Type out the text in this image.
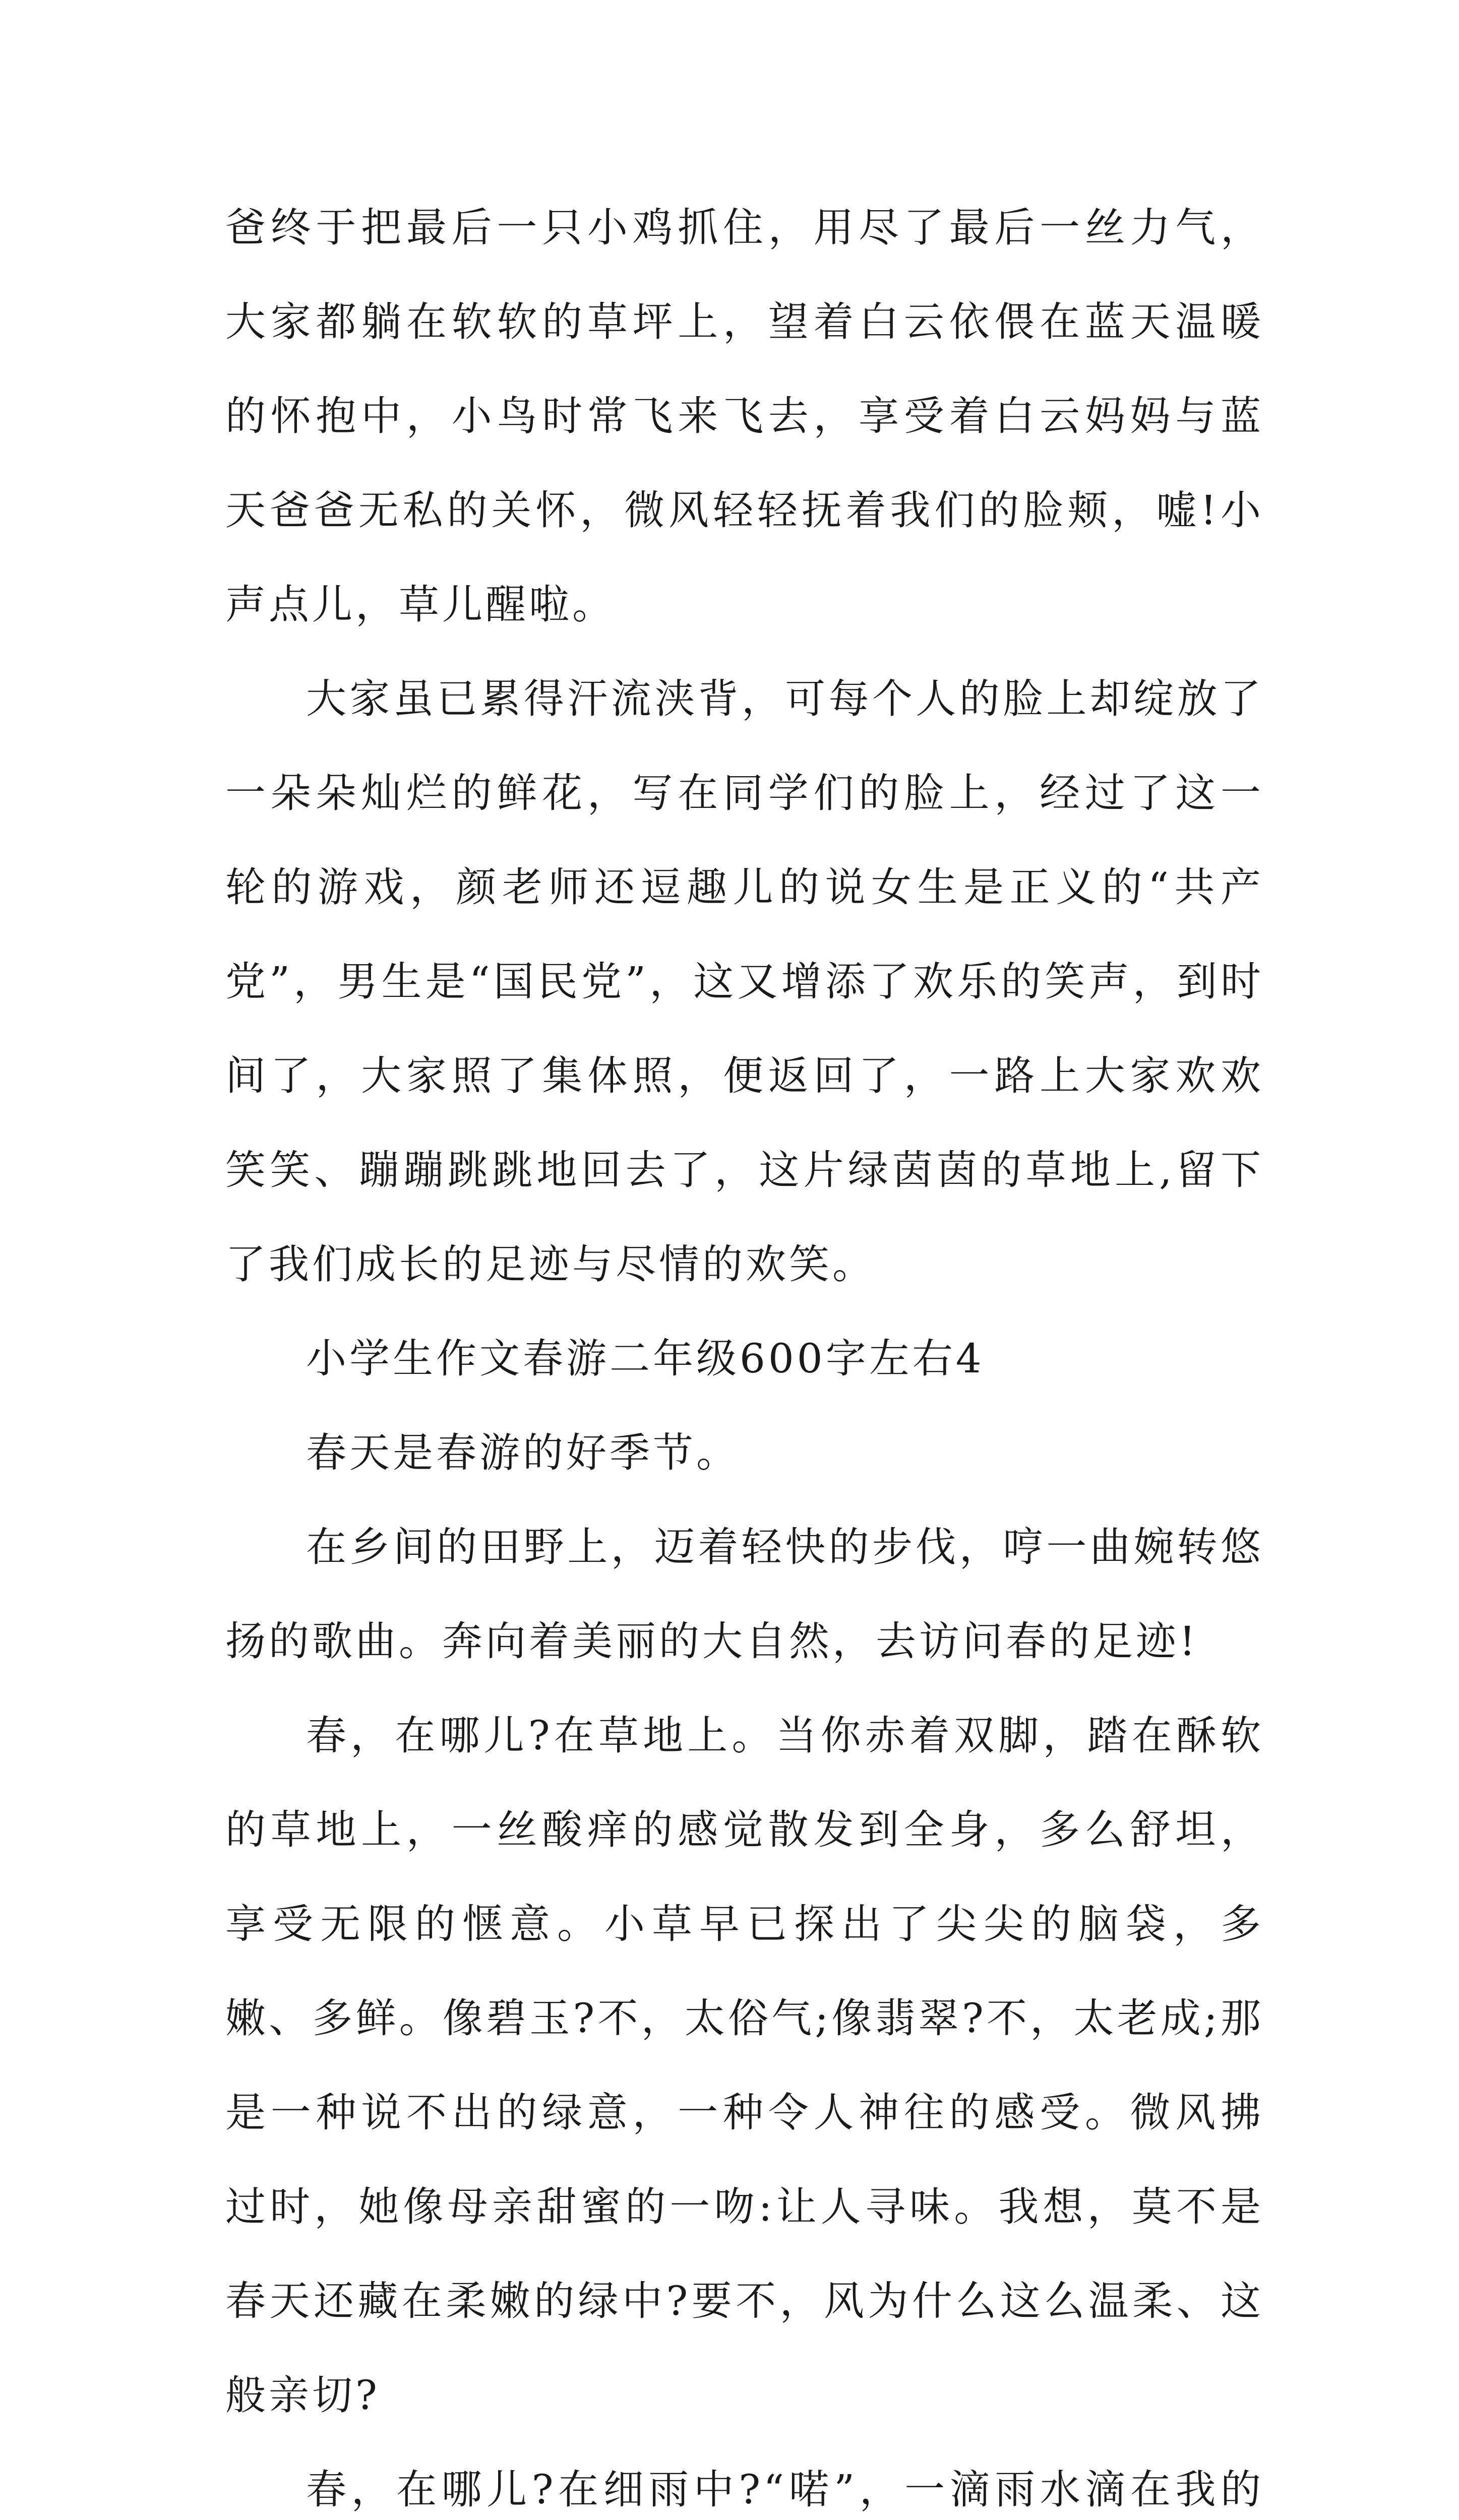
爸终于把最后一只小鸡抓住，用尽了最后一丝力气，大家都躺在软软的草坪上，望着白云依偎在蓝天温暖的怀抱中，小鸟时常飞来飞去，享受着白云妈妈与蓝天爸爸无私的关怀，微风轻轻抚着我们的脸颊，嘘!小声点儿，草儿醒啦。

大家虽已累得汗流浃背，可每个人的脸上却绽放了一朵朵灿烂的鲜花，写在同学们的脸上，经过了这一轮的游戏，颜老师还逗趣儿的说女生是正义的“共产党”，男生是“国民党”，这又增添了欢乐的笑声，到时间了，大家照了集体照，便返回了，一路上大家欢欢笑笑、蹦蹦跳跳地回去了，这片绿茵茵的草地上,留下了我们成长的足迹与尽情的欢笑。

小学生作文春游二年级600字左右4

春天是春游的好季节。

在乡间的田野上，迈着轻快的步伐，哼一曲婉转悠扬的歌曲。奔向着美丽的大自然，去访问春的足迹!

春，在哪儿?在草地上。当你赤着双脚，踏在酥软的草地上，一丝酸痒的感觉散发到全身，多么舒坦，享受无限的惬意。小草早已探出了尖尖的脑袋，多嫩、多鲜。像碧玉?不，太俗气;像翡翠?不，太老成;那是一种说不出的绿意，一种令人神往的感受。微风拂过时，她像母亲甜蜜的一吻:让人寻味。我想，莫不是春天还藏在柔嫩的绿中?要不，风为什么这么温柔、这般亲切?

春，在哪儿?在细雨中?“喏”，一滴雨水滴在我的
